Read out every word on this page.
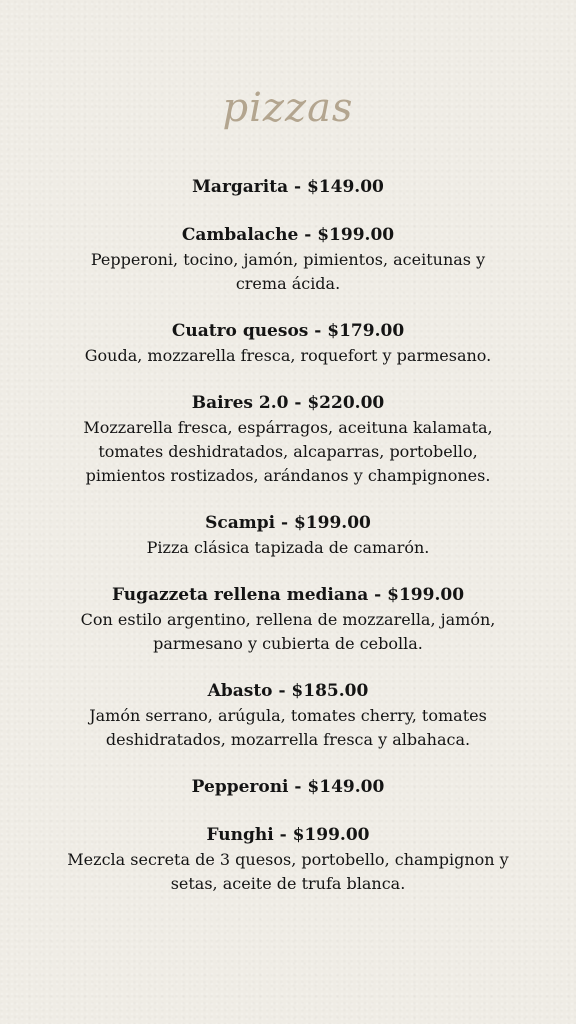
pizzas
Margarita - $149.00
Cambalache - $199.00
Pepperoni, tocino, jamón, pimientos, aceitunas y crema ácida.
Cuatro quesos - $179.00
Gouda, mozzarella fresca, roquefort y parmesano.
Baires 2.0 - $220.00
Mozzarella fresca, espárragos, aceituna kalamata, tomates deshidratados, alcaparras, portobello, pimientos rostizados, arándanos y champignones.
Scampi - $199.00
Pizza clásica tapizada de camarón.
Fugazzeta rellena mediana - $199.00
Con estilo argentino, rellena de mozzarella, jamón, parmesano y cubierta de cebolla.
Abasto - $185.00
Jamón serrano, arúgula, tomates cherry, tomates deshidratados, mozarrella fresca y albahaca.
Pepperoni - $149.00
Funghi - $199.00
Mezcla secreta de 3 quesos, portobello, champignon y setas, aceite de trufa blanca.
